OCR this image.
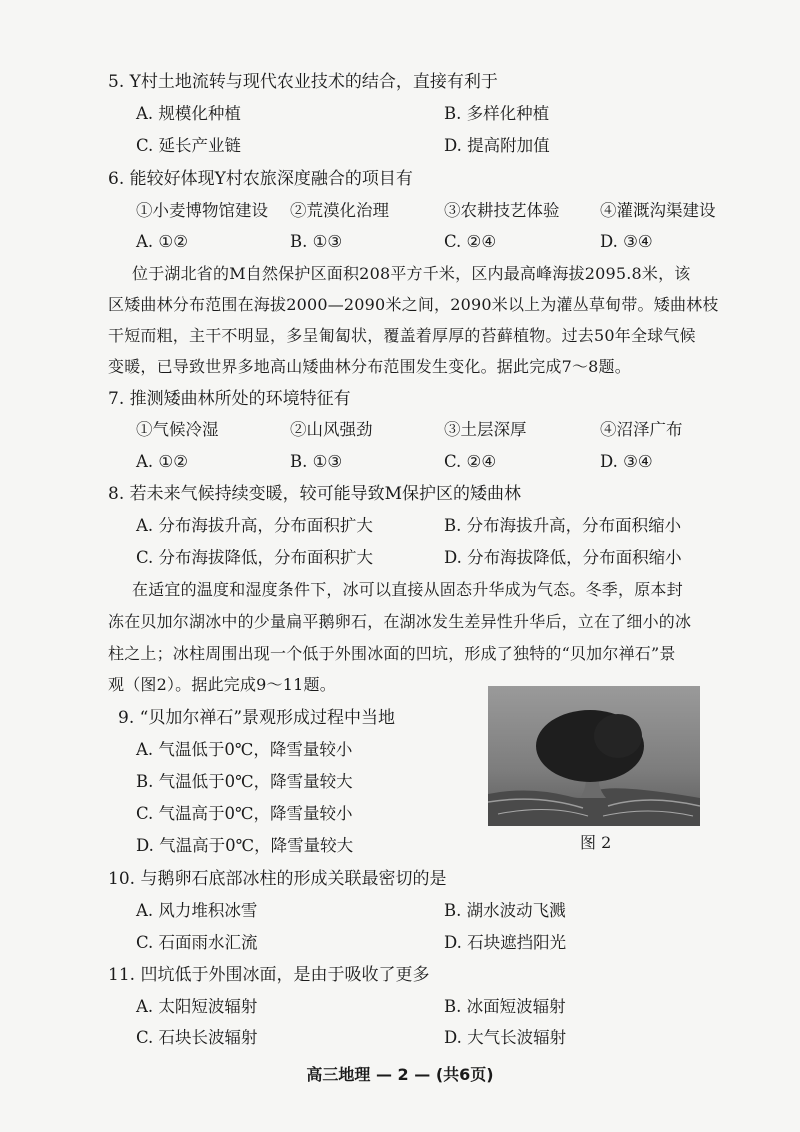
5. Y村土地流转与现代农业技术的结合，直接有利于
A. 规模化种植	B. 多样化种植
C. 延长产业链	D. 提高附加值
6. 能较好体现Y村农旅深度融合的项目有
①小麦博物馆建设 ②荒漠化治理	③农耕技艺体验 ④灌溉沟渠建设
A. ①②	B. ①③	C. ②④	D. ③④
位于湖北省的M自然保护区面积208平方千米，区内最高峰海拔2095.8米，该
区矮曲林分布范围在海拔2000—2090米之间，2090米以上为灌丛草甸带。矮曲林枝
干短而粗，主干不明显，多呈匍匐状，覆盖着厚厚的苔藓植物。过去50年全球气候
变暖，已导致世界多地高山矮曲林分布范围发生变化。据此完成7～8题。
7. 推测矮曲林所处的环境特征有
①气候冷湿	②山风强劲	③土层深厚	④沼泽广布
A. ①②	B. ①③	C. ②④	D. ③④
8. 若未来气候持续变暖，较可能导致M保护区的矮曲林
A. 分布海拔升高，分布面积扩大	B. 分布海拔升高，分布面积缩小
C. 分布海拔降低，分布面积扩大	D. 分布海拔降低，分布面积缩小
在适宜的温度和湿度条件下，冰可以直接从固态升华成为气态。冬季，原本封
冻在贝加尔湖冰中的少量扁平鹅卵石，在湖冰发生差异性升华后，立在了细小的冰
柱之上；冰柱周围出现一个低于外围冰面的凹坑，形成了独特的“贝加尔禅石”景
观（图2）。据此完成9～11题。
9. “贝加尔禅石”景观形成过程中当地
A. 气温低于0℃，降雪量较小
B. 气温低于0℃，降雪量较大
C. 气温高于0℃，降雪量较小
D. 气温高于0℃，降雪量较大	图 2
10. 与鹅卵石底部冰柱的形成关联最密切的是
A. 风力堆积冰雪	B. 湖水波动飞溅
C. 石面雨水汇流	D. 石块遮挡阳光
11. 凹坑低于外围冰面，是由于吸收了更多
A. 太阳短波辐射	B. 冰面短波辐射
C. 石块长波辐射	D. 大气长波辐射
高三地理 — 2 — (共6页)
